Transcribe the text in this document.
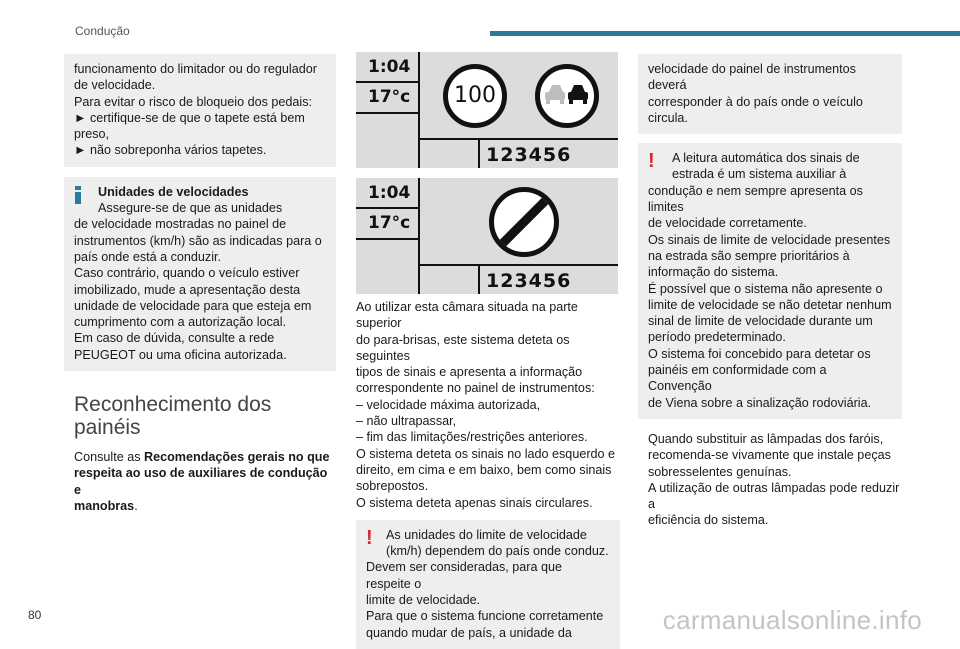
Condução

funcionamento do limitador ou do regulador

de velocidade.

Para evitar o risco de bloqueio dos pedais:

► certifique-se de que o tapete está bem

preso,

► não sobreponha vários tapetes.

Unidades de velocidades

Assegure-se de que as unidades

de velocidade mostradas no painel de

instrumentos (km/h) são as indicadas para o

país onde está a conduzir.

Caso contrário, quando o veículo estiver

imobilizado, mude a apresentação desta

unidade de velocidade para que esteja em

cumprimento com a autorização local.

Em caso de dúvida, consulte a rede

PEUGEOT ou uma oficina autorizada.

Reconhecimento dos
painéis

Consulte as Recomendações gerais no que

respeita ao uso de auxiliares de condução e

manobras.

1:04
17°c
123456
100
1:04
17°c
123456

Ao utilizar esta câmara situada na parte superior

do para-brisas, este sistema deteta os seguintes

tipos de sinais e apresenta a informação

correspondente no painel de instrumentos:

– velocidade máxima autorizada,

– não ultrapassar,

– fim das limitações/restrições anteriores.

O sistema deteta os sinais no lado esquerdo e

direito, em cima e em baixo, bem como sinais

sobrepostos.

O sistema deteta apenas sinais circulares.

! As unidades do limite de velocidade

(km/h) dependem do país onde conduz.

Devem ser consideradas, para que respeite o

limite de velocidade.

Para que o sistema funcione corretamente

quando mudar de país, a unidade da

velocidade do painel de instrumentos deverá

corresponder à do país onde o veículo

circula.

! A leitura automática dos sinais de

estrada é um sistema auxiliar à

condução e nem sempre apresenta os limites

de velocidade corretamente.

Os sinais de limite de velocidade presentes

na estrada são sempre prioritários à

informação do sistema.

É possível que o sistema não apresente o

limite de velocidade se não detetar nenhum

sinal de limite de velocidade durante um

período predeterminado.

O sistema foi concebido para detetar os

painéis em conformidade com a Convenção

de Viena sobre a sinalização rodoviária.

Quando substituir as lâmpadas dos faróis,

recomenda-se vivamente que instale peças

sobresselentes genuínas.

A utilização de outras lâmpadas pode reduzir a

eficiência do sistema.

80	carmanualsonline.info
